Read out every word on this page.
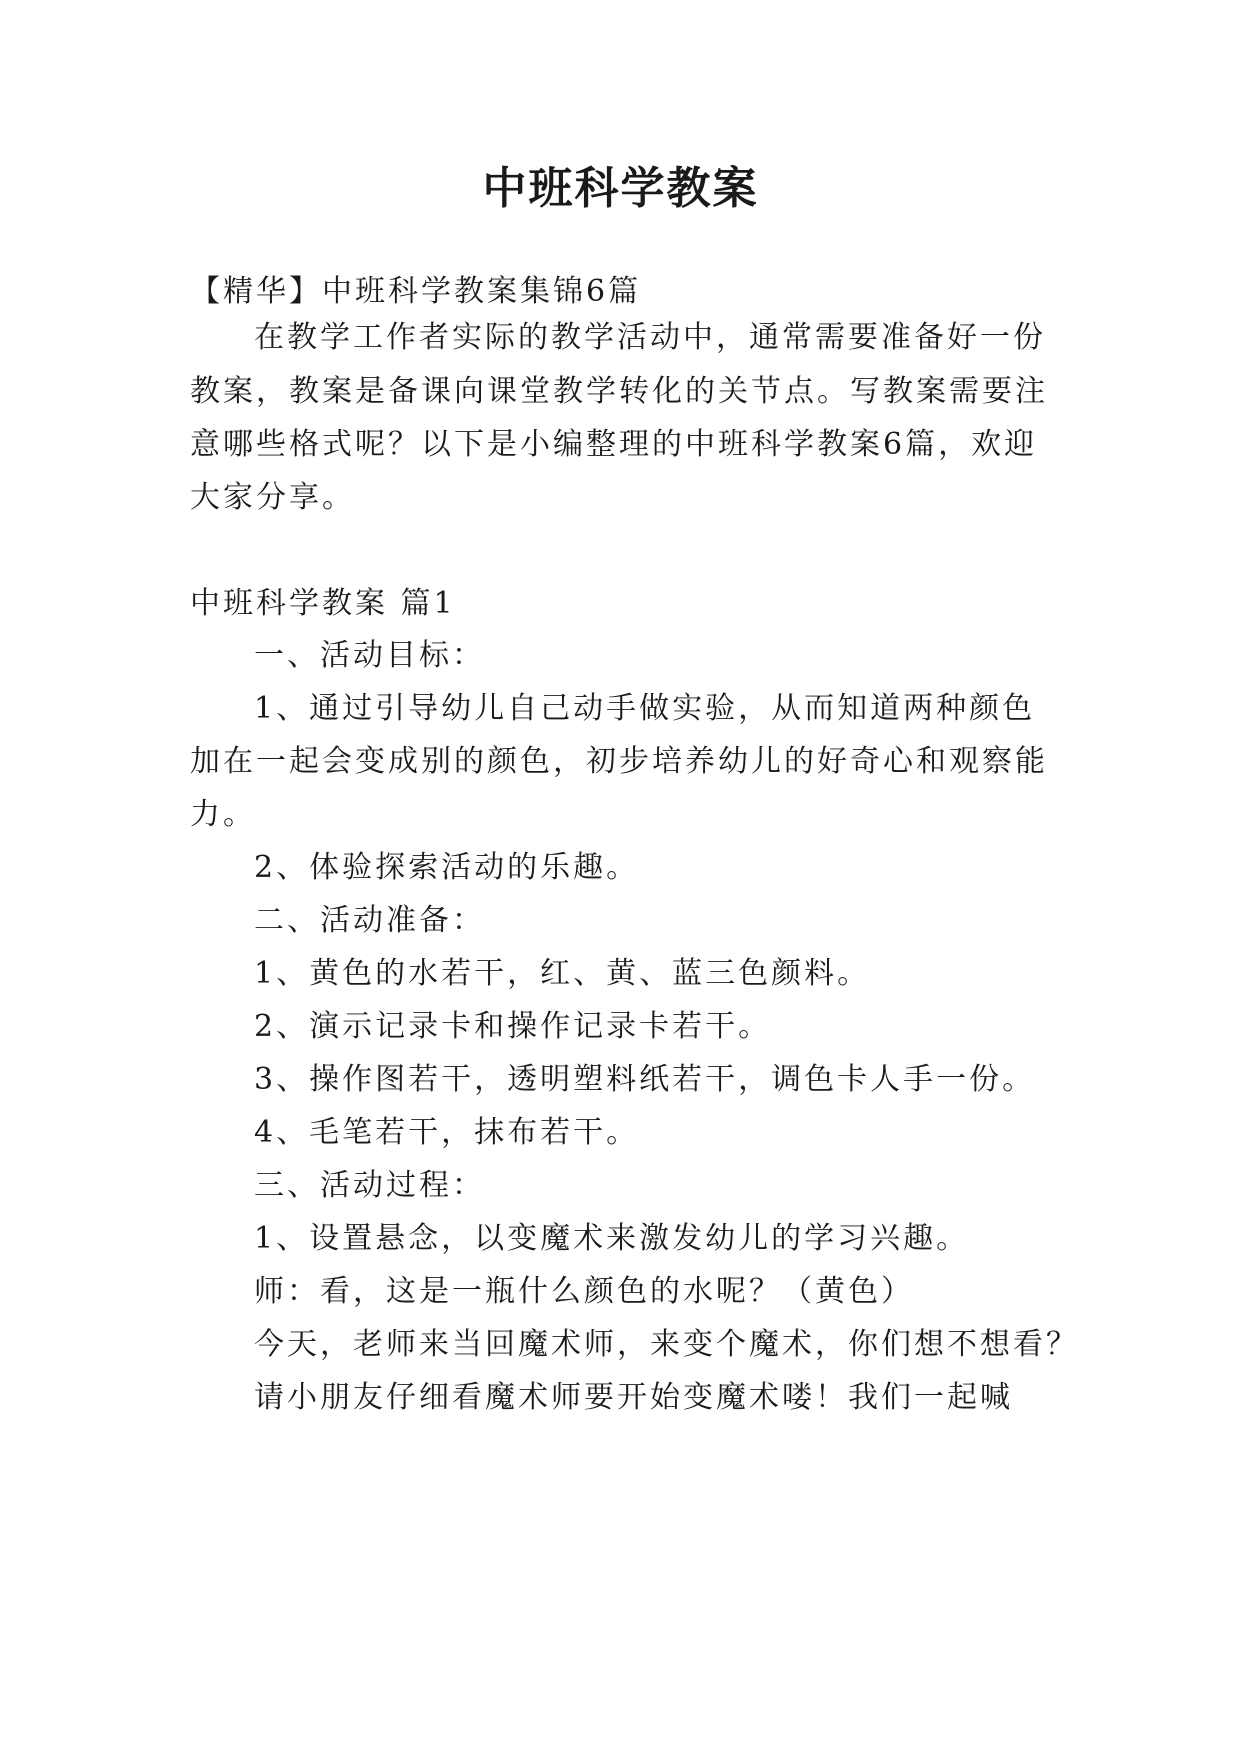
中班科学教案
【精华】中班科学教案集锦6篇
在教学工作者实际的教学活动中，通常需要准备好一份
教案，教案是备课向课堂教学转化的关节点。写教案需要注
意哪些格式呢？以下是小编整理的中班科学教案6篇，欢迎
大家分享。
中班科学教案 篇1
一、活动目标：
1、通过引导幼儿自己动手做实验，从而知道两种颜色
加在一起会变成别的颜色，初步培养幼儿的好奇心和观察能
力。
2、体验探索活动的乐趣。
二、活动准备：
1、黄色的水若干，红、黄、蓝三色颜料。
2、演示记录卡和操作记录卡若干。
3、操作图若干，透明塑料纸若干，调色卡人手一份。
4、毛笔若干，抹布若干。
三、活动过程：
1、设置悬念，以变魔术来激发幼儿的学习兴趣。
师：看，这是一瓶什么颜色的水呢？（黄色）
今天，老师来当回魔术师，来变个魔术，你们想不想看？
请小朋友仔细看魔术师要开始变魔术喽！我们一起喊
